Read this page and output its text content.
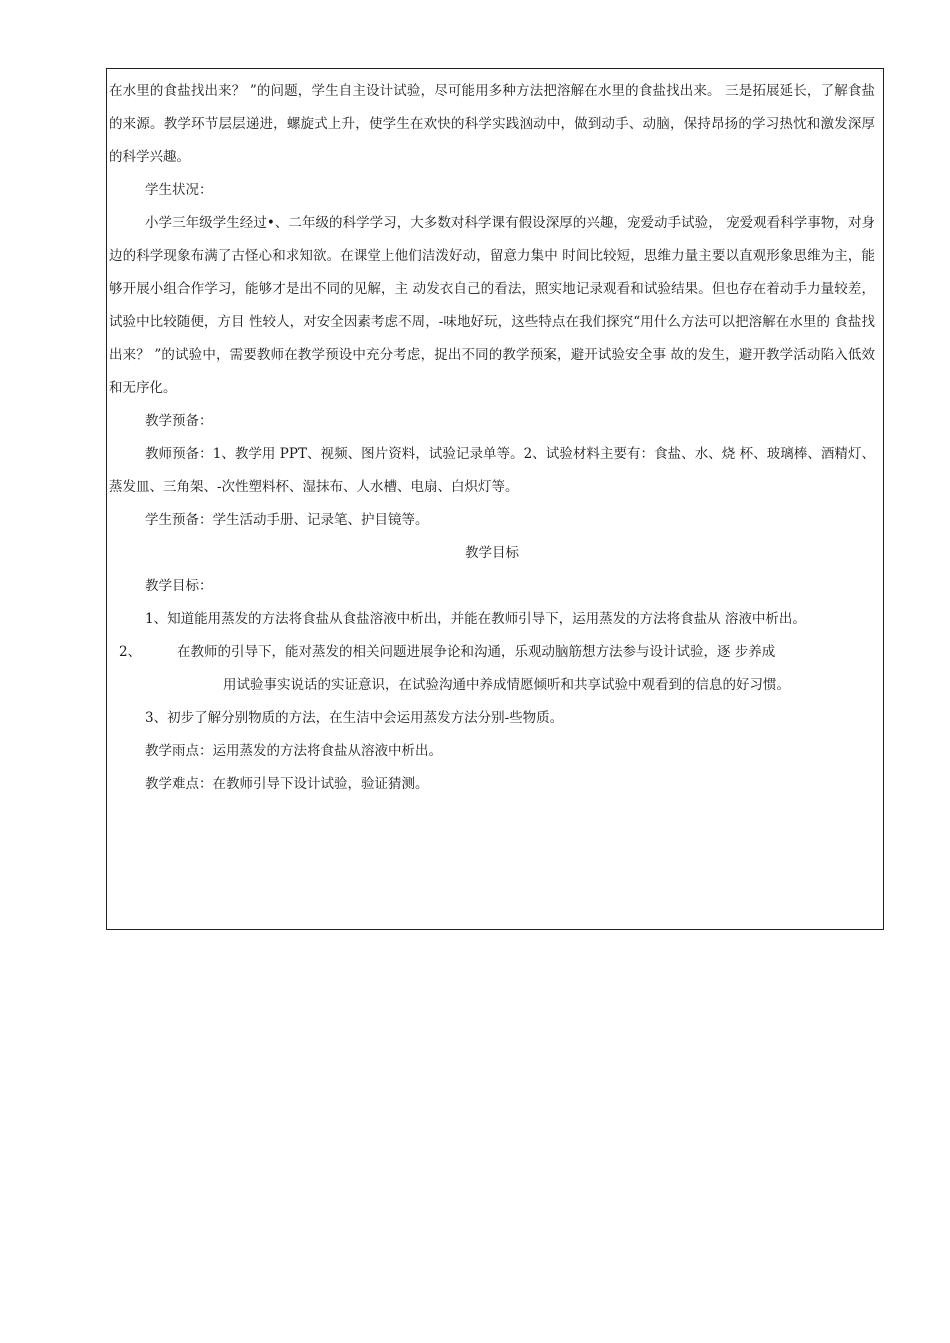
在水里的食盐找出来？ ”的问题，学生自主设计试验，尽可能用多种方法把溶解在水里的食盐找出来。 三是拓展延长，了解食盐的来源。教学环节层层递进，螺旋式上升，使学生在欢快的科学实践汹动中，做到动手、动脑，保持昂扬的学习热忱和激发深厚的科学兴趣。

学生状况：

小学三年级学生经过•、二年级的科学学习，大多数对科学课有假设深厚的兴趣，宠爱动手试验， 宠爱观看科学事物，对身边的科学现象布满了古怪心和求知欲。在课堂上他们洁泼好动，留意力集中 时间比较短，思维力量主要以直观形象思维为主，能够开展小组合作学习，能够才是出不同的见解，主 动发衣自己的看法，照实地记录观看和试验结果。但也存在着动手力量较差，试验中比较随便，方目 性较人，对安全因素考虑不周，-味地好玩，这些特点在我们探究“用什么方法可以把溶解在水里的 食盐找出来？ ”的试验中，需要教师在教学预设中充分考虑，捉出不同的教学预案，避开试验安全事 故的发生，避开教学活动陷入低效和无序化。

教学预备：

教师预备：1、教学用 PPT、视频、图片资料，试验记录单等。2、试验材料主要有：食盐、水、烧 杯、玻璃棒、酒精灯、蒸发皿、三角架、-次性塑料杯、湿抹布、人水槽、电扇、白炽灯等。

学生预备：学生活动手册、记录笔、护目镜等。

教学目标

教学目标：

1、知道能用蒸发的方法将食盐从食盐溶液中析出，并能在教师引导下，运用蒸发的方法将食盐从 溶液中析出。

2、	在教师的引导下，能对蒸发的相关问题进展争论和沟通，乐观动脑筋想方法参与设计试验，逐 步养成
用试验事实说话的实证意识，在试验沟通中养成情愿倾听和共享试验中观看到的信息的好习惯。

3、初步了解分别物质的方法，在生洁中会运用蒸发方法分别-些物质。

教学雨点：运用蒸发的方法将食盐从溶液中析出。

教学难点：在教师引导下设计试验，验证猜测。
